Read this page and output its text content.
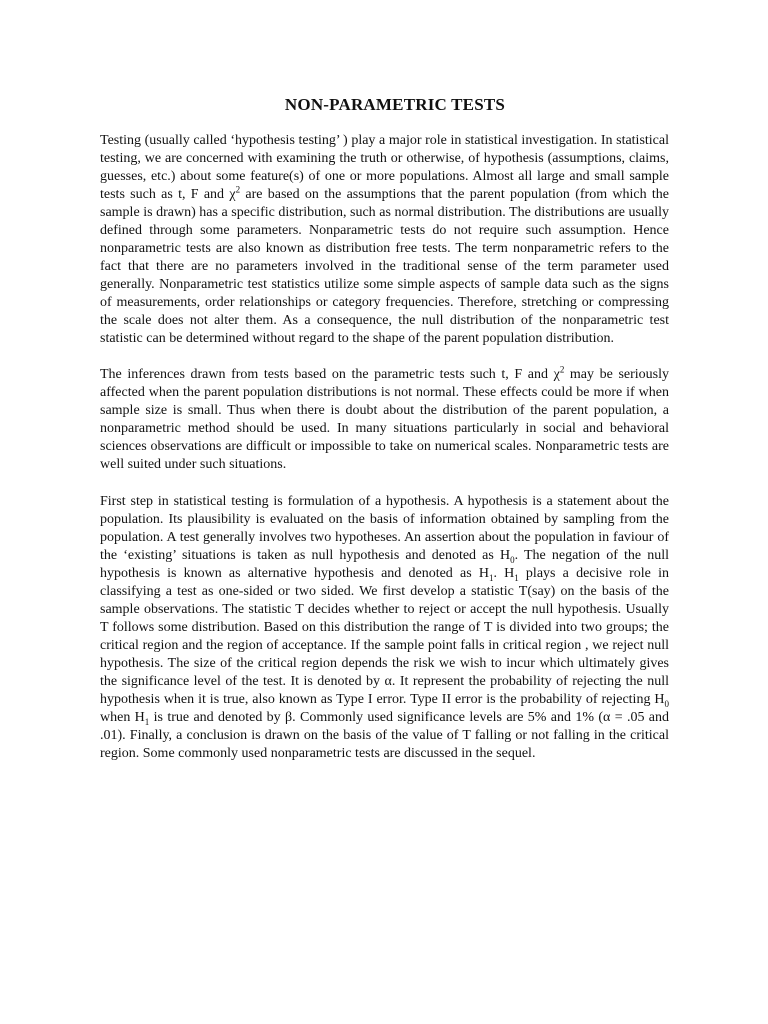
NON-PARAMETRIC TESTS

Testing (usually called ‘hypothesis testing’ ) play a major role in statistical investigation. In statistical testing, we are concerned with examining the truth or otherwise, of hypothesis (assumptions, claims, guesses, etc.) about some feature(s) of one or more populations. Almost all large and small sample tests such as t, F and $\chi^2$ are based on the assumptions that the parent population (from which the sample is drawn) has a specific distribution, such as normal distribution. The distributions are usually defined through some parameters. Nonparametric tests do not require such assumption. Hence nonparametric tests are also known as distribution free tests. The term nonparametric refers to the fact that there are no parameters involved in the traditional sense of the term parameter used generally. Nonparametric test statistics utilize some simple aspects of sample data such as the signs of measurements, order relationships or category frequencies. Therefore, stretching or compressing the scale does not alter them. As a consequence, the null distribution of the nonparametric test statistic can be determined without regard to the shape of the parent population distribution.

The inferences drawn from tests based on the parametric tests such t, F and $\chi^2$ may be seriously affected when the parent population distributions is not normal. These effects could be more if when sample size is small. Thus when there is doubt about the distribution of the parent population, a nonparametric method should be used. In many situations particularly in social and behavioral sciences observations are difficult or impossible to take on numerical scales. Nonparametric tests are well suited under such situations.

First step in statistical testing is formulation of a hypothesis. A hypothesis is a statement about the population. Its plausibility is evaluated on the basis of information obtained by sampling from the population. A test generally involves two hypotheses. An assertion about the population in faviour of the ‘existing’ situations is taken as null hypothesis and denoted as $H_0$. The negation of the null hypothesis is known as alternative hypothesis and denoted as $H_1$. $H_1$ plays a decisive role in classifying a test as one-sided or two sided. We first develop a statistic T(say) on the basis of the sample observations. The statistic T decides whether to reject or accept the null hypothesis. Usually T follows some distribution. Based on this distribution the range of T is divided into two groups; the critical region and the region of acceptance. If the sample point falls in critical region , we reject null hypothesis. The size of the critical region depends the risk we wish to incur which ultimately gives the significance level of the test. It is denoted by α. It represent the probability of rejecting the null hypothesis when it is true, also known as Type I error. Type II error is the probability of rejecting $H_0$ when $H_1$ is true and denoted by β. Commonly used significance levels are 5% and 1% (α = .05 and .01). Finally, a conclusion is drawn on the basis of the value of T falling or not falling in the critical region. Some commonly used nonparametric tests are discussed in the sequel.
